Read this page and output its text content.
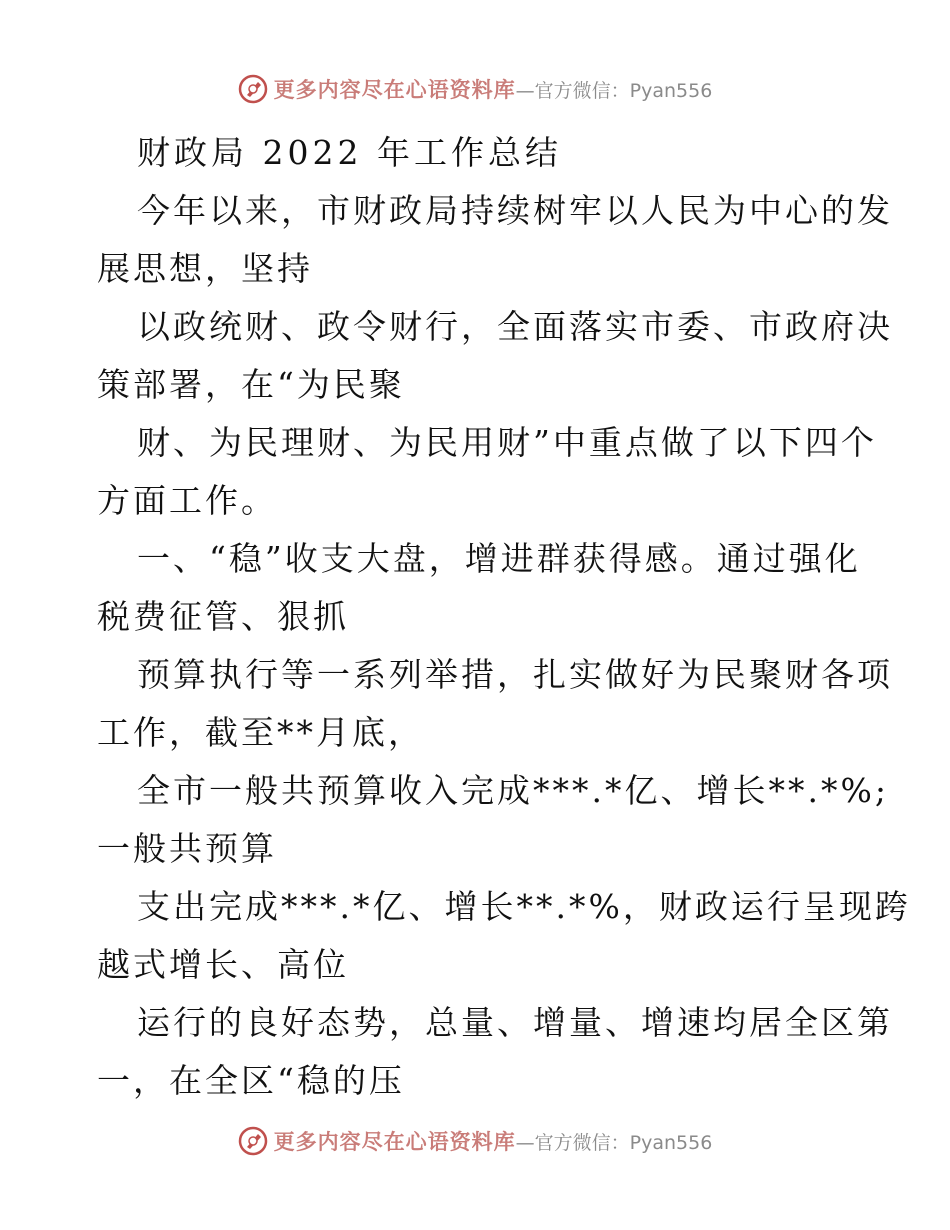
更多内容尽在心语资料库 —官方微信：Pyan556
财政局 2022 年工作总结
今年以来，市财政局持续树牢以人民为中心的发
展思想，坚持
以政统财、政令财行，全面落实市委、市政府决
策部署，在“为民聚
财、为民理财、为民用财”中重点做了以下四个
方面工作。
一、“稳”收支大盘，增进群获得感。通过强化
税费征管、狠抓
预算执行等一系列举措，扎实做好为民聚财各项
工作，截至**月底，
全市一般共预算收入完成***.*亿、增长**.*%;
一般共预算
支出完成***.*亿、增长**.*%，财政运行呈现跨
越式增长、高位
运行的良好态势，总量、增量、增速均居全区第
一，在全区“稳的压
更多内容尽在心语资料库 —官方微信：Pyan556
